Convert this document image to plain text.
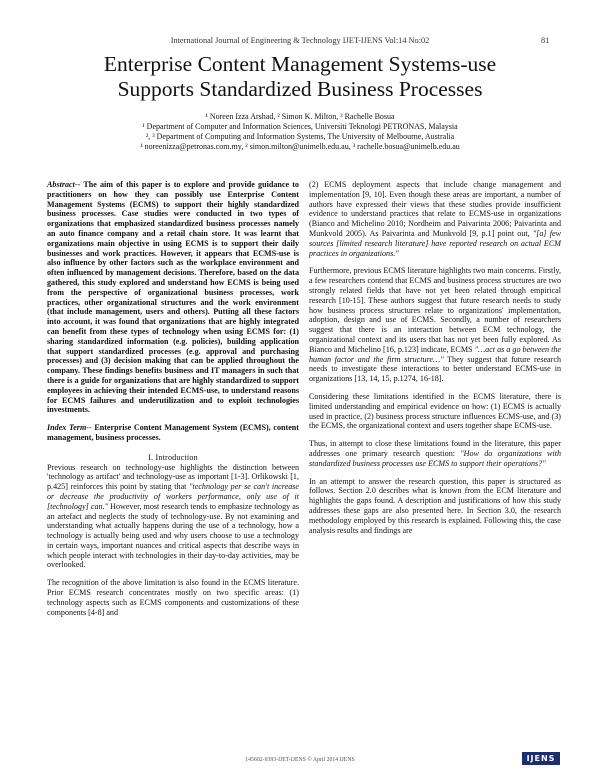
International Journal of Engineering & Technology IJET-IJENS Vol:14 No:02	81
Enterprise Content Management Systems-use
Supports Standardized Business Processes
¹ Noreen Izza Arshad, ² Simon K. Milton, ³ Rachelle Bosua
¹ Department of Computer and Information Sciences, Universiti Teknologi PETRONAS, Malaysia
², ³ Department of Computing and Information Systems, The University of Melbourne, Australia
¹ noreenizza@petronas.com.my, ² simon.milton@unimelb.edu.au, ³ rachelle.bosua@unimelb.edu.au

Abstract-- The aim of this paper is to explore and provide guidance to practitioners on how they can possibly use Enterprise Content Management Systems (ECMS) to support their highly standardized business processes. Case studies were conducted in two types of organizations that emphasized standardized business processes namely an auto finance company and a retail chain store. It was learnt that organizations main objective in using ECMS is to support their daily businesses and work practices. However, it appears that ECMS-use is also influence by other factors such as the workplace environment and often influenced by management decisions. Therefore, based on the data gathered, this study explored and understand how ECMS is being used from the perspective of organizational business processes, work practices, other organizational structures and the work environment (that include management, users and others). Putting all these factors into account, it was found that organizations that are highly integrated can benefit from these types of technology when using ECMS for: (1) sharing standardized information (e.g. policies), building application that support standardized processes (e.g. approval and purchasing processes) and (3) decision making that can be applied throughout the company. These findings benefits business and IT managers in such that there is a guide for organizations that are highly standardized to support employees in achieving their intended ECMS-use, to understand reasons for ECMS failures and underutilization and to exploit technologies investments.

Index Term-- Enterprise Content Management System (ECMS), content management, business processes.

I. Introduction

Previous research on technology-use highlights the distinction between 'technology as artifact' and technology-use as important [1-3]. Orlikowski [1, p.425] reinforces this point by stating that "technology per se can't increase or decrease the productivity of workers performance, only use of it [technology] can." However, most research tends to emphasize technology as an artefact and neglects the study of technology-use. By not examining and understanding what actually happens during the use of a technology, how a technology is actually being used and why users choose to use a technology in certain ways, important nuances and critical aspects that describe ways in which people interact with technologies in their day-to-day activities, may be overlooked.

The recognition of the above limitation is also found in the ECMS literature. Prior ECMS research concentrates mostly on two specific areas: (1) technology aspects such as ECMS components and customizations of these components [4-8] and

(2) ECMS deployment aspects that include change management and implementation [9, 10]. Even though these areas are important, a number of authors have expressed their views that these studies provide insufficient evidence to understand practices that relate to ECMS-use in organizations (Bianco and Michelino 2010; Nordheim and Paivarinta 2006; Paivarinta and Munkvold 2005). As Paivarinta and Munkvold [9, p.1] point out, "[a] few sources [limited research literature] have reported research on actual ECM practices in organizations."

Furthermore, previous ECMS literature highlights two main concerns. Firstly, a few researchers contend that ECMS and business process structures are two strongly related fields that have not yet been related through empirical research [10-15]. These authors suggest that future research needs to study how business process structures relate to organizations' implementation, adoption, design and use of ECMS. Secondly, a number of researchers suggest that there is an interaction between ECM technology, the organizational context and its users that has not yet been fully explored. As Bianco and Michelino [16, p.123] indicate, ECMS "…act as a go between the human factor and the firm structure…" They suggest that future research needs to investigate these interactions to better understand ECMS-use in organizations [13, 14, 15, p.1274, 16-18].

Considering these limitations identified in the ECMS literature, there is limited understanding and empirical evidence on how: (1) ECMS is actually used in practice, (2) business process structure influences ECMS-use, and (3) the ECMS, the organizational context and users together shape ECMS-use.

Thus, in attempt to close these limitations found in the literature, this paper addresses one primary research question: "How do organizations with standardized business processes use ECMS to support their operations?"

In an attempt to answer the research question, this paper is structured as follows. Section 2.0 describes what is known from the ECM literature and highlights the gaps found. A description and justifications of how this study addresses these gaps are also presented here. In Section 3.0, the research methodology employed by this research is explained. Following this, the case analysis results and findings are

145602-9393-IJET-IJENS © April 2014 IJENS	IJENS
